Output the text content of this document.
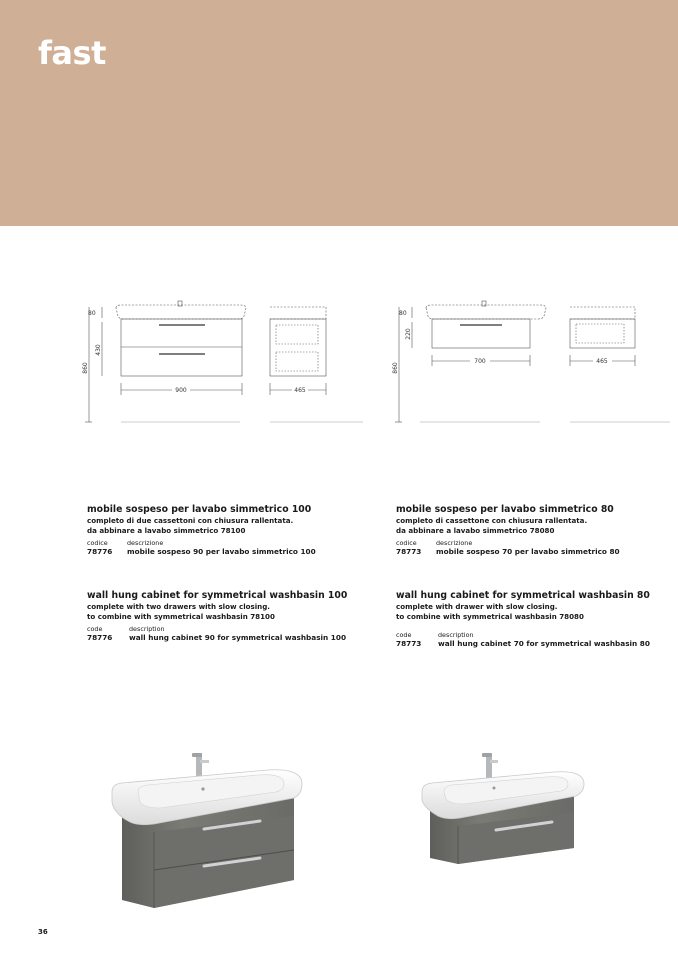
fast
80
430
860
900	465
80
220
860
700	465
mobile sospeso per lavabo simmetrico 100
completo di due cassettoni con chiusura rallentata.
da abbinare a lavabo simmetrico 78100
codice	descrizione
78776 mobile sospeso 90 per lavabo simmetrico 100
wall hung cabinet for symmetrical washbasin 100
complete with two drawers with slow closing.
to combine with symmetrical washbasin 78100
code	description
78776 wall hung cabinet 90 for symmetrical washbasin 100
mobile sospeso per lavabo simmetrico 80
completo di cassettone con chiusura rallentata.
da abbinare a lavabo simmetrico 78080
codice	descrizione
78773 mobile sospeso 70 per lavabo simmetrico 80
wall hung cabinet for symmetrical washbasin 80
complete with drawer with slow closing.
to combine with symmetrical washbasin 78080
code	description
78773 wall hung cabinet 70 for symmetrical washbasin 80
36
